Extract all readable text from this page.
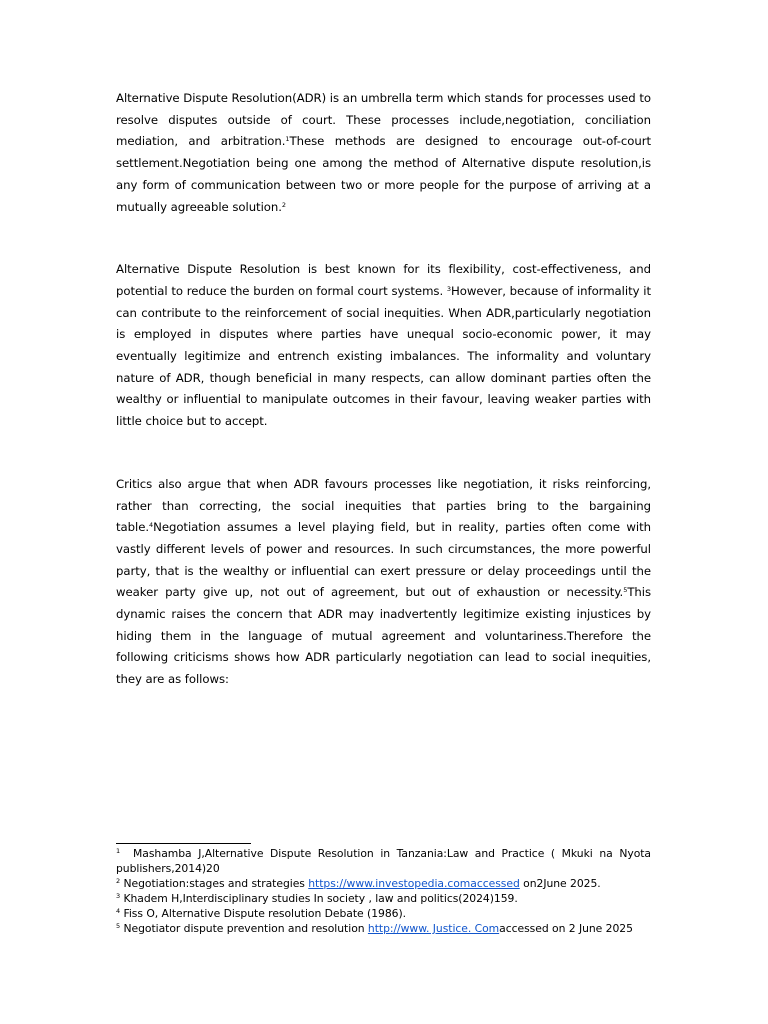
Alternative Dispute Resolution(ADR) is an umbrella term which stands for processes used to resolve disputes outside of court. These processes include,negotiation, conciliation mediation, and arbitration.$^1$These methods are designed to encourage out-of-court settlement.Negotiation being one among the method of Alternative dispute resolution,is any form of communication between two or more people for the purpose of arriving at a mutually agreeable solution.$^2$

Alternative Dispute Resolution is best known for its flexibility, cost-effectiveness, and potential to reduce the burden on formal court systems. $^3$However, because of informality it can contribute to the reinforcement of social inequities. When ADR,particularly negotiation is employed in disputes where parties have unequal socio-economic power, it may eventually legitimize and entrench existing imbalances. The informality and voluntary nature of ADR, though beneficial in many respects, can allow dominant parties often the wealthy or influential to manipulate outcomes in their favour, leaving weaker parties with little choice but to accept.

Critics also argue that when ADR favours processes like negotiation, it risks reinforcing, rather than correcting, the social inequities that parties bring to the bargaining table.$^4$Negotiation assumes a level playing field, but in reality, parties often come with vastly different levels of power and resources. In such circumstances, the more powerful party, that is the wealthy or influential can exert pressure or delay proceedings until the weaker party give up, not out of agreement, but out of exhaustion or necessity.$^5$This dynamic raises the concern that ADR may inadvertently legitimize existing injustices by hiding them in the language of mutual agreement and voluntariness.Therefore the following criticisms shows how ADR particularly negotiation can lead to social inequities, they are as follows:

$^1$ Mashamba J,Alternative Dispute Resolution in Tanzania:Law and Practice ( Mkuki na Nyota publishers,2014)20

$^2$ Negotiation:stages and strategies https://www.investopedia.comaccessed on2June 2025.

$^3$ Khadem H,Interdisciplinary studies In society , law and politics(2024)159.

$^4$ Fiss O, Alternative Dispute resolution Debate (1986).

$^5$ Negotiator dispute prevention and resolution http://www. Justice. Comaccessed on 2 June 2025
